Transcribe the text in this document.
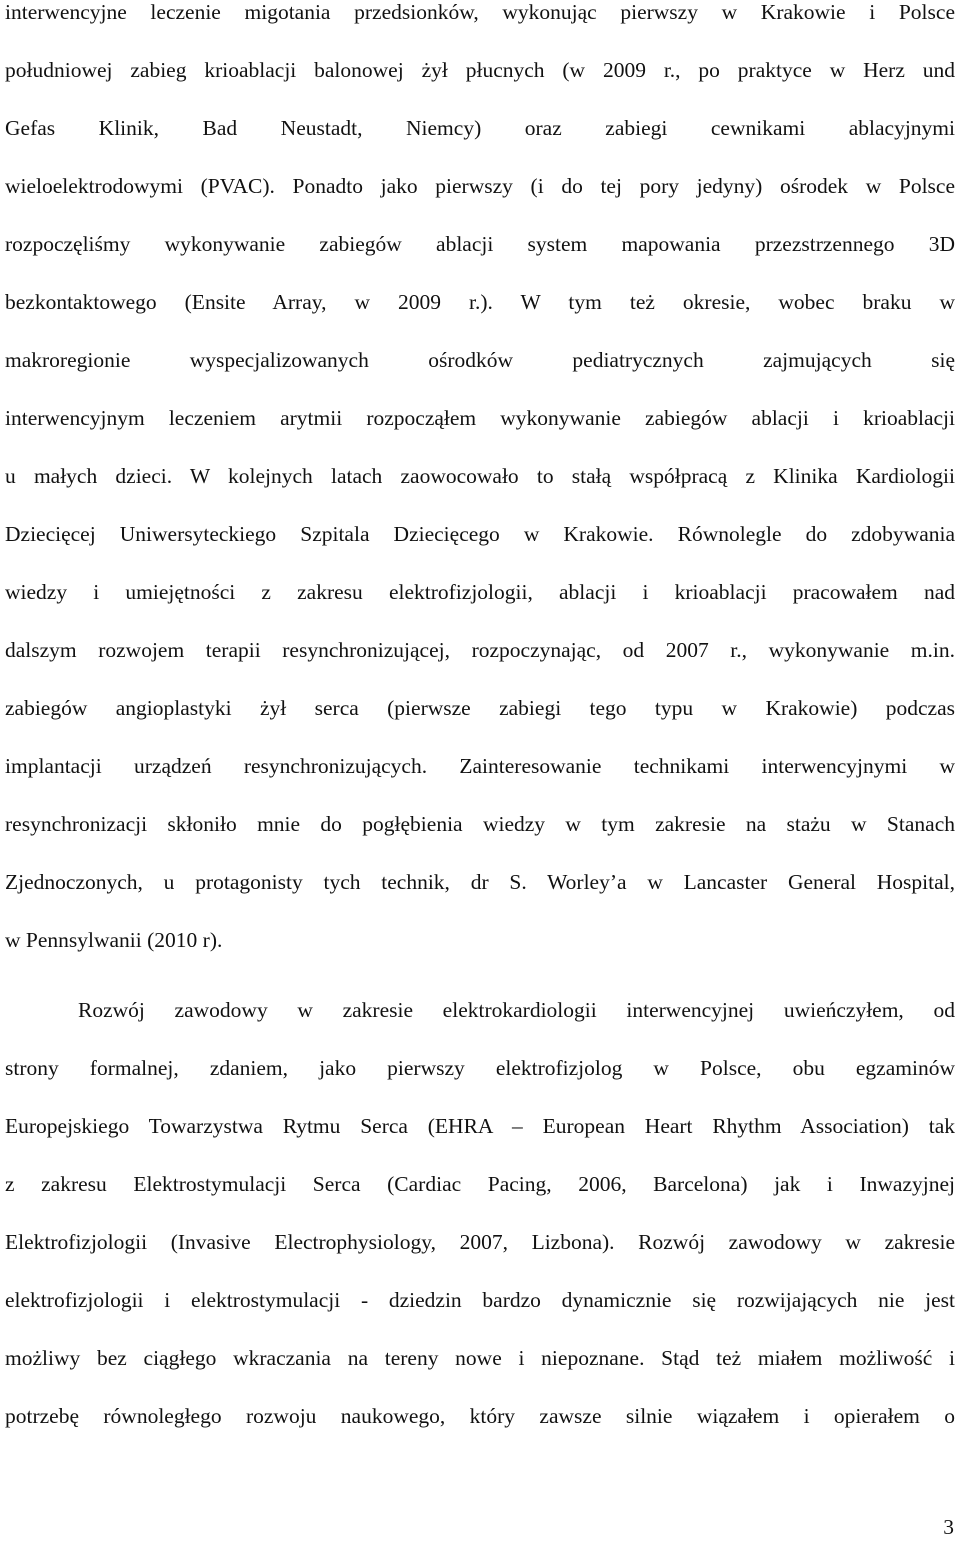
interwencyjne leczenie migotania przedsionków, wykonując pierwszy w Krakowie i Polsce
południowej zabieg krioablacji balonowej żył płucnych (w 2009 r., po praktyce w Herz und
Gefas Klinik, Bad Neustadt, Niemcy) oraz zabiegi cewnikami ablacyjnymi
wieloelektrodowymi (PVAC). Ponadto jako pierwszy (i do tej pory jedyny) ośrodek w Polsce
rozpoczęliśmy wykonywanie zabiegów ablacji system mapowania przezstrzennego 3D
bezkontaktowego (Ensite Array, w 2009 r.). W tym też okresie, wobec braku w
makroregionie wyspecjalizowanych ośrodków pediatrycznych zajmujących się
interwencyjnym leczeniem arytmii rozpocząłem wykonywanie zabiegów ablacji i krioablacji
u małych dzieci. W kolejnych latach zaowocowało to stałą współpracą z Klinika Kardiologii
Dziecięcej Uniwersyteckiego Szpitala Dziecięcego w Krakowie. Równolegle do zdobywania
wiedzy i umiejętności z zakresu elektrofizjologii, ablacji i krioablacji pracowałem nad
dalszym rozwojem terapii resynchronizującej, rozpoczynając, od 2007 r., wykonywanie m.in.
zabiegów angioplastyki żył serca (pierwsze zabiegi tego typu w Krakowie) podczas
implantacji urządzeń resynchronizujących. Zainteresowanie technikami interwencyjnymi w
resynchronizacji skłoniło mnie do pogłębienia wiedzy w tym zakresie na stażu w Stanach
Zjednoczonych, u protagonisty tych technik, dr S. Worley’a w Lancaster General Hospital,
w Pennsylwanii (2010 r).
Rozwój zawodowy w zakresie elektrokardiologii interwencyjnej uwieńczyłem, od
strony formalnej, zdaniem, jako pierwszy elektrofizjolog w Polsce, obu egzaminów
Europejskiego Towarzystwa Rytmu Serca (EHRA – European Heart Rhythm Association) tak
z zakresu Elektrostymulacji Serca (Cardiac Pacing, 2006, Barcelona) jak i Inwazyjnej
Elektrofizjologii (Invasive Electrophysiology, 2007, Lizbona). Rozwój zawodowy w zakresie
elektrofizjologii i elektrostymulacji - dziedzin bardzo dynamicznie się rozwijających nie jest
możliwy bez ciągłego wkraczania na tereny nowe i niepoznane. Stąd też miałem możliwość i
potrzebę równoległego rozwoju naukowego, który zawsze silnie wiązałem i opierałem o
3
